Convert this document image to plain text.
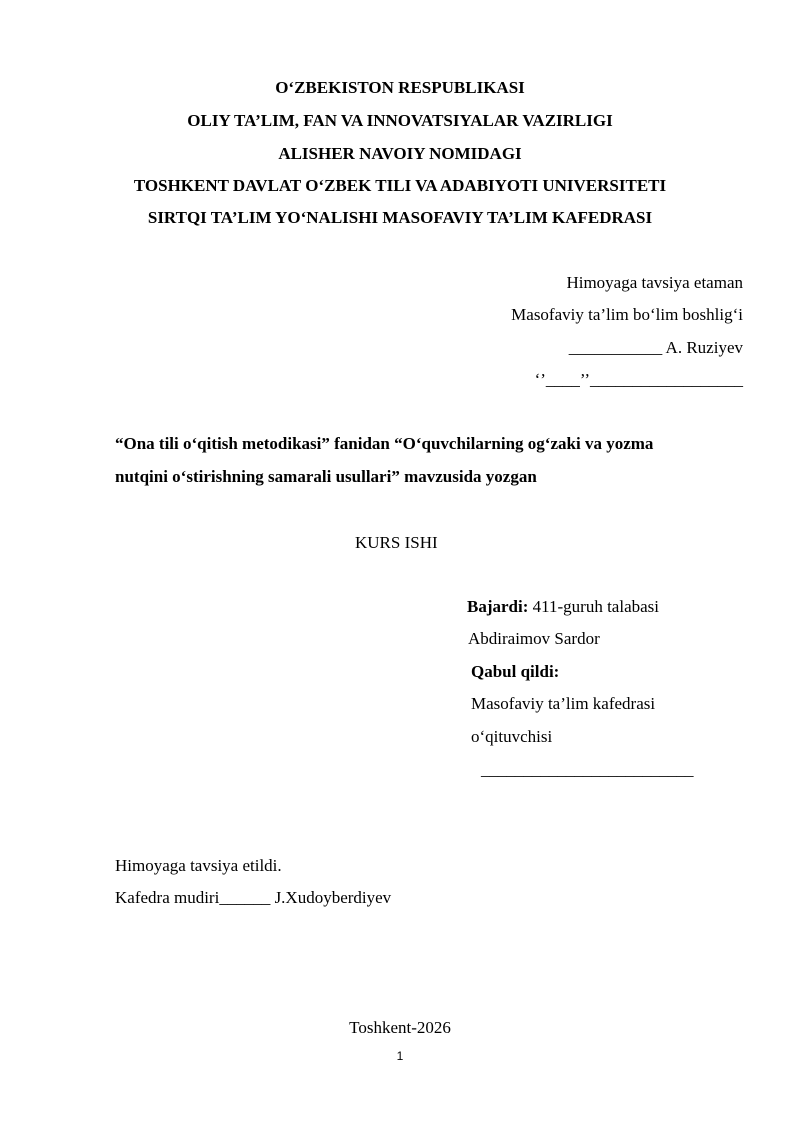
O‘ZBEKISTON RESPUBLIKASI
OLIY TA’LIM, FAN VA INNOVATSIYALAR VAZIRLIGI
ALISHER NAVOIY NOMIDAGI
TOSHKENT DAVLAT O‘ZBEK TILI VA ADABIYOTI UNIVERSITETI
SIRTQI TA’LIM YO‘NALISHI MASOFAVIY TA’LIM KAFEDRASI
Himoyaga tavsiya etaman
Masofaviy ta’lim bo‘lim boshlig‘i
___________ A. Ruziyev
‘’____’’__________________
“Ona tili o‘qitish metodikasi” fanidan “O‘quvchilarning og‘zaki va yozma
nutqini o‘stirishning samarali usullari” mavzusida yozgan
KURS ISHI
Bajardi: 411-guruh talabasi
Abdiraimov Sardor
Qabul qildi:
Masofaviy ta’lim kafedrasi
o‘qituvchisi
_________________________
Himoyaga tavsiya etildi.
Kafedra mudiri______ J.Xudoyberdiyev
Toshkent-2026
1
